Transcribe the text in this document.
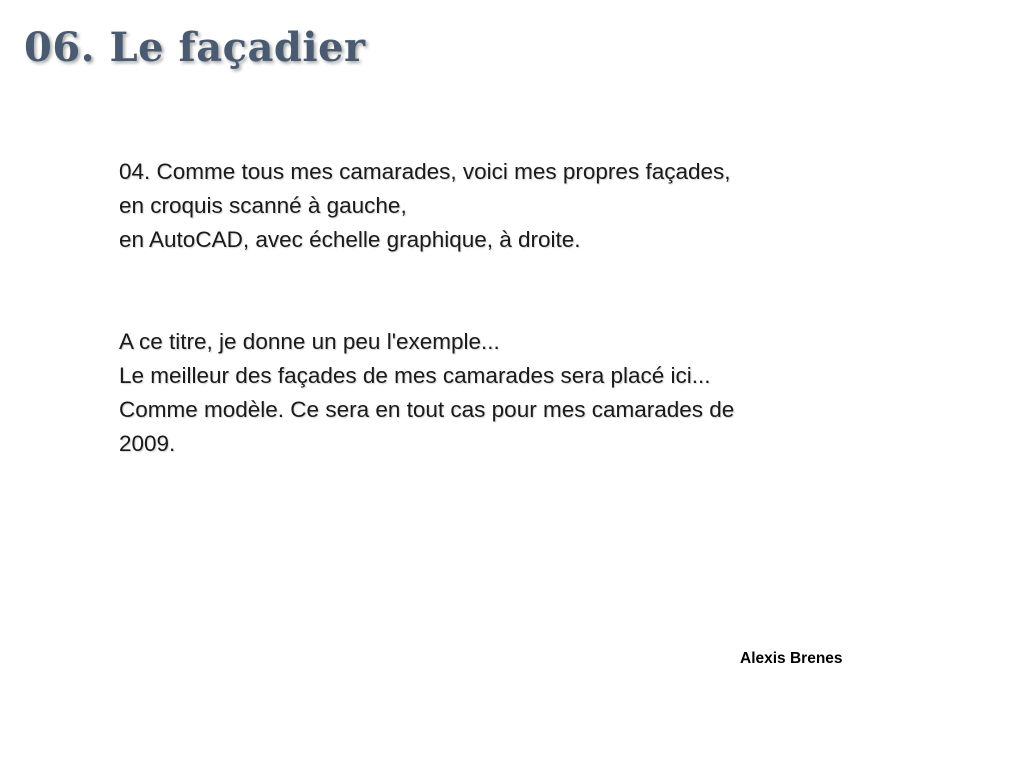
06. Le façadier

04. Comme tous mes camarades, voici mes propres façades,

en croquis scanné à gauche,

en AutoCAD, avec échelle graphique, à droite.

A ce titre, je donne un peu l'exemple...

Le meilleur des façades de mes camarades sera placé ici...

Comme modèle. Ce sera en tout cas pour mes camarades de

2009.

Alexis Brenes
